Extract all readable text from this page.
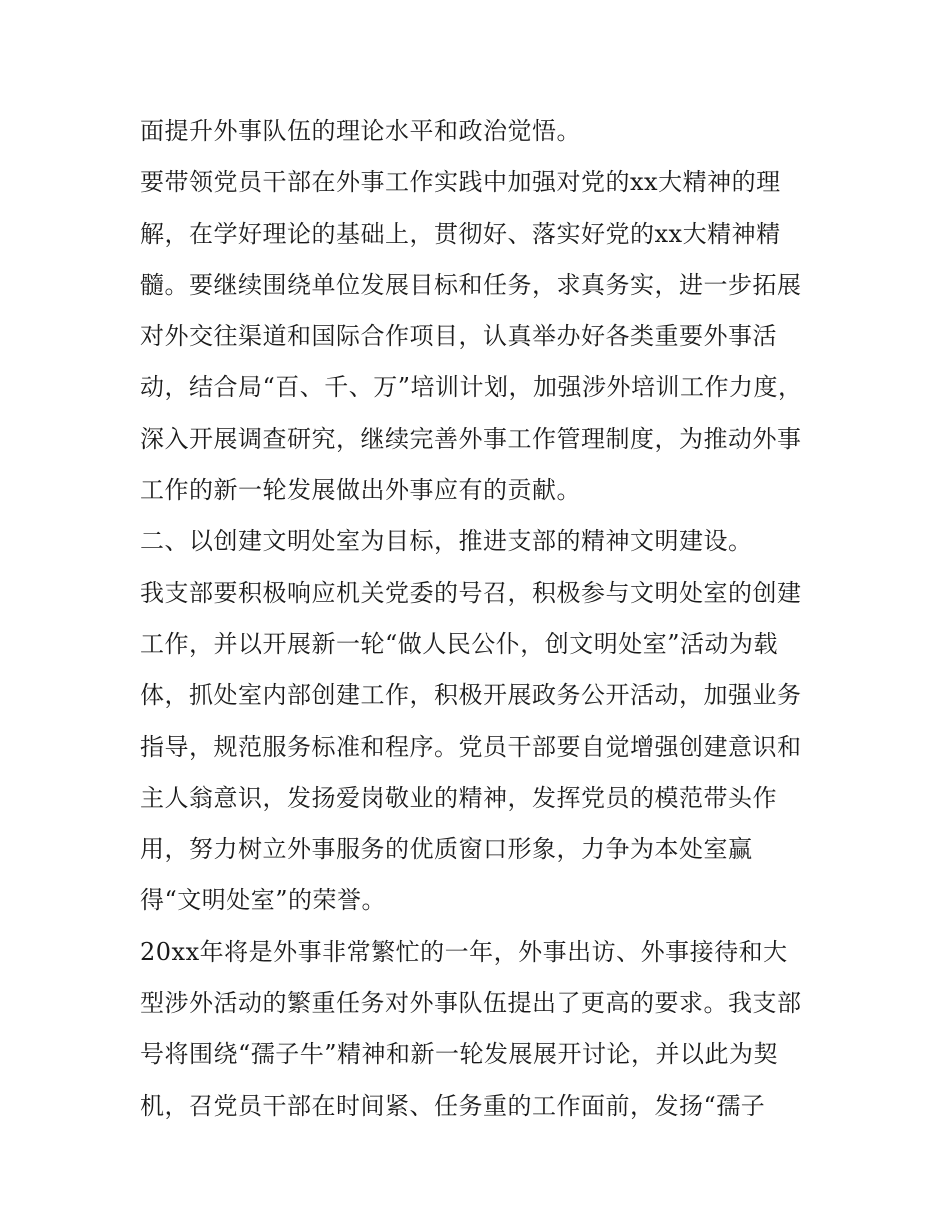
面提升外事队伍的理论水平和政治觉悟。
要带领党员干部在外事工作实践中加强对党的xx大精神的理
解，在学好理论的基础上，贯彻好、落实好党的xx大精神精
髓。要继续围绕单位发展目标和任务，求真务实，进一步拓展
对外交往渠道和国际合作项目，认真举办好各类重要外事活
动，结合局“百、千、万”培训计划，加强涉外培训工作力度，
深入开展调查研究，继续完善外事工作管理制度，为推动外事
工作的新一轮发展做出外事应有的贡献。
二、以创建文明处室为目标，推进支部的精神文明建设。
我支部要积极响应机关党委的号召，积极参与文明处室的创建
工作，并以开展新一轮“做人民公仆，创文明处室”活动为载
体，抓处室内部创建工作，积极开展政务公开活动，加强业务
指导，规范服务标准和程序。党员干部要自觉增强创建意识和
主人翁意识，发扬爱岗敬业的精神，发挥党员的模范带头作
用，努力树立外事服务的优质窗口形象，力争为本处室赢
得“文明处室”的荣誉。
20xx年将是外事非常繁忙的一年，外事出访、外事接待和大
型涉外活动的繁重任务对外事队伍提出了更高的要求。我支部
号将围绕“孺子牛”精神和新一轮发展展开讨论，并以此为契
机，召党员干部在时间紧、任务重的工作面前，发扬“孺子
